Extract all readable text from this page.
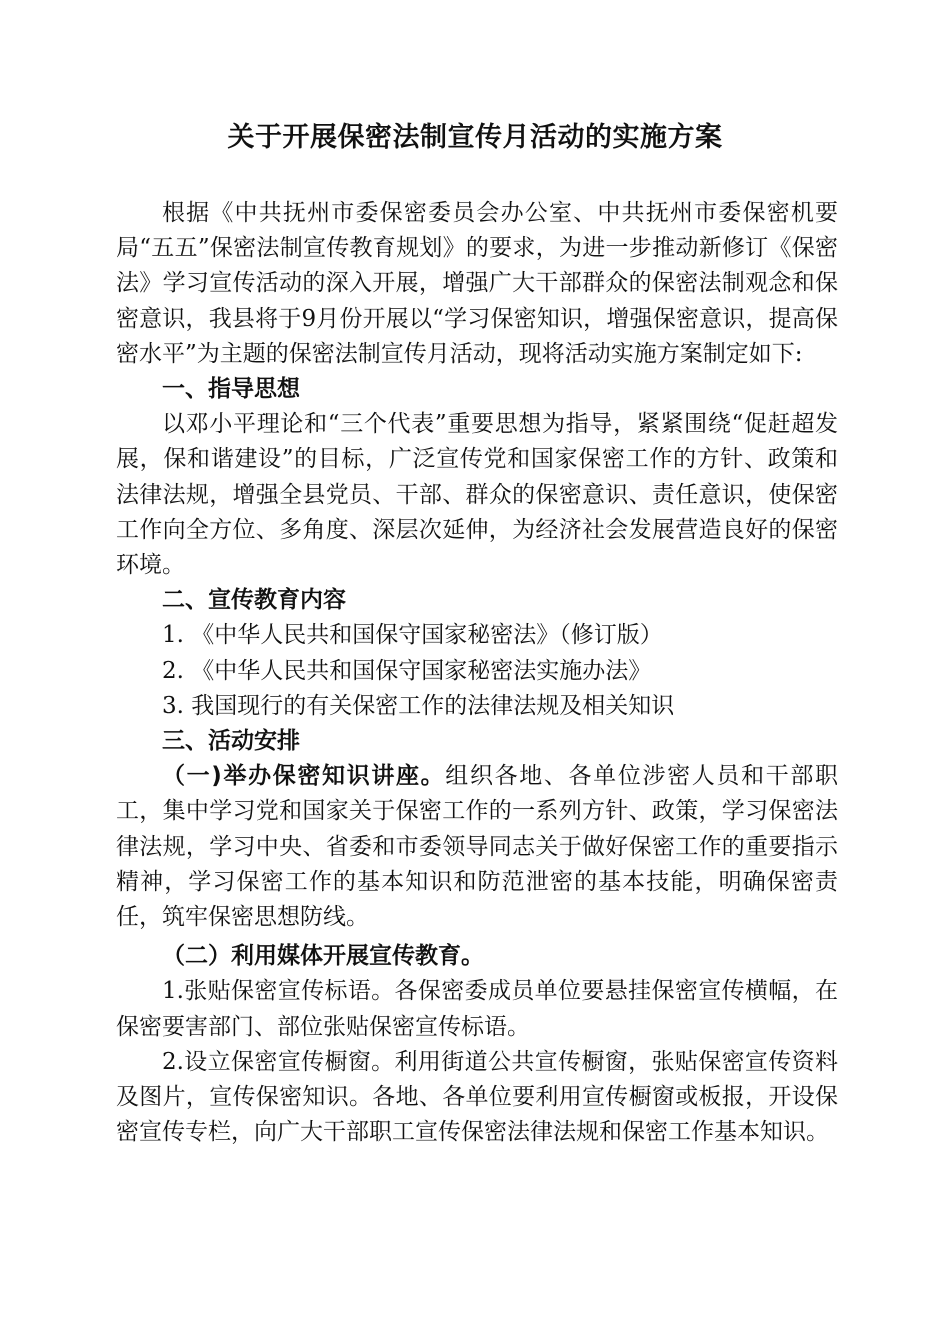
关于开展保密法制宣传月活动的实施方案

根据《中共抚州市委保密委员会办公室、中共抚州市委保密机要局“五五”保密法制宣传教育规划》的要求，为进一步推动新修订《保密法》学习宣传活动的深入开展，增强广大干部群众的保密法制观念和保密意识，我县将于9月份开展以“学习保密知识，增强保密意识，提高保密水平”为主题的保密法制宣传月活动，现将活动实施方案制定如下:

一、指导思想

以邓小平理论和“三个代表”重要思想为指导，紧紧围绕“促赶超发展，保和谐建设”的目标，广泛宣传党和国家保密工作的方针、政策和法律法规，增强全县党员、干部、群众的保密意识、责任意识，使保密工作向全方位、多角度、深层次延伸，为经济社会发展营造良好的保密环境。

二、宣传教育内容

1. 《中华人民共和国保守国家秘密法》（修订版）

2. 《中华人民共和国保守国家秘密法实施办法》

3. 我国现行的有关保密工作的法律法规及相关知识

三、活动安排

（一)举办保密知识讲座。组织各地、各单位涉密人员和干部职工，集中学习党和国家关于保密工作的一系列方针、政策，学习保密法律法规，学习中央、省委和市委领导同志关于做好保密工作的重要指示精神，学习保密工作的基本知识和防范泄密的基本技能，明确保密责任，筑牢保密思想防线。

（二）利用媒体开展宣传教育。

1.张贴保密宣传标语。各保密委成员单位要悬挂保密宣传横幅，在保密要害部门、部位张贴保密宣传标语。

2.设立保密宣传橱窗。利用街道公共宣传橱窗，张贴保密宣传资料及图片，宣传保密知识。各地、各单位要利用宣传橱窗或板报，开设保密宣传专栏，向广大干部职工宣传保密法律法规和保密工作基本知识。
